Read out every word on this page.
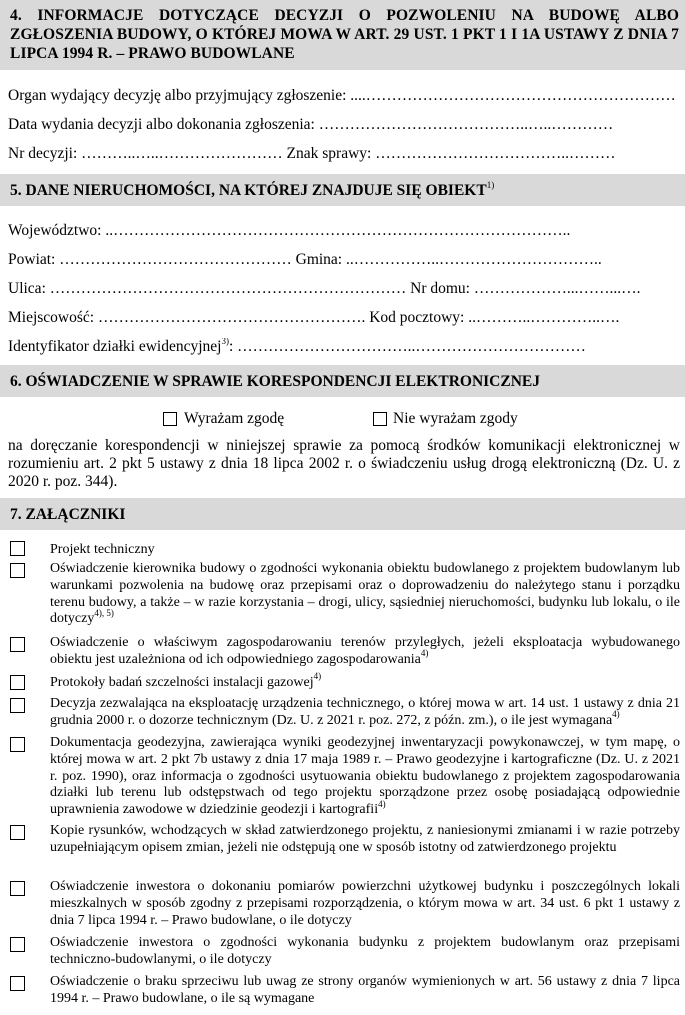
4. INFORMACJE DOTYCZĄCE DECYZJI O POZWOLENIU NA BUDOWĘ ALBO ZGŁOSZENIA BUDOWY, O KTÓREJ MOWA W ART. 29 UST. 1 PKT 1 I 1A USTAWY Z DNIA 7 LIPCA 1994 R. – PRAWO BUDOWLANE
Organ wydający decyzję albo przyjmujący zgłoszenie: ....……………………………………………………
Data wydania decyzji albo dokonania zgłoszenia: …………………………………..…..…………
Nr decyzji: ………..…..…………………… Znak sprawy: ………………………………..………
5. DANE NIERUCHOMOŚCI, NA KTÓREJ ZNAJDUJE SIĘ OBIEKT$^{1)}$
Województwo: ..……………………………………………………………………………..
Powiat: ……………………………………… Gmina: ..……………..…………………………..
Ulica: …………………………………………………………… Nr domu: ………………...……...….
Miejscowość: ……………………………………………. Kod pocztowy: ..………..…………..….
Identyfikator działki ewidencyjnej$^{3)}$: ……………………………..……………………………
6. OŚWIADCZENIE W SPRAWIE KORESPONDENCJI ELEKTRONICZNEJ
Wyrażam zgodę	Nie wyrażam zgody
na doręczanie korespondencji w niniejszej sprawie za pomocą środków komunikacji elektronicznej w rozumieniu art. 2 pkt 5 ustawy z dnia 18 lipca 2002 r. o świadczeniu usług drogą elektroniczną (Dz. U. z 2020 r. poz. 344).
7. ZAŁĄCZNIKI
Projekt techniczny
Oświadczenie kierownika budowy o zgodności wykonania obiektu budowlanego z projektem budowlanym lub warunkami pozwolenia na budowę oraz przepisami oraz o doprowadzeniu do należytego stanu i porządku terenu budowy, a także – w razie korzystania – drogi, ulicy, sąsiedniej nieruchomości, budynku lub lokalu, o ile dotyczy$^{4), 5)}$
Oświadczenie o właściwym zagospodarowaniu terenów przyległych, jeżeli eksploatacja wybudowanego obiektu jest uzależniona od ich odpowiedniego zagospodarowania$^{4)}$
Protokoły badań szczelności instalacji gazowej$^{4)}$
Decyzja zezwalająca na eksploatację urządzenia technicznego, o której mowa w art. 14 ust. 1 ustawy z dnia 21 grudnia 2000 r. o dozorze technicznym (Dz. U. z 2021 r. poz. 272, z późn. zm.), o ile jest wymagana$^{4)}$
Dokumentacja geodezyjna, zawierająca wyniki geodezyjnej inwentaryzacji powykonawczej, w tym mapę, o której mowa w art. 2 pkt 7b ustawy z dnia 17 maja 1989 r. – Prawo geodezyjne i kartograficzne (Dz. U. z 2021 r. poz. 1990), oraz informacja o zgodności usytuowania obiektu budowlanego z projektem zagospodarowania działki lub terenu lub odstępstwach od tego projektu sporządzone przez osobę posiadającą odpowiednie uprawnienia zawodowe w dziedzinie geodezji i kartografii$^{4)}$
Kopie rysunków, wchodzących w skład zatwierdzonego projektu, z naniesionymi zmianami i w razie potrzeby uzupełniającym opisem zmian, jeżeli nie odstępują one w sposób istotny od zatwierdzonego projektu
Oświadczenie inwestora o dokonaniu pomiarów powierzchni użytkowej budynku i poszczególnych lokali mieszkalnych w sposób zgodny z przepisami rozporządzenia, o którym mowa w art. 34 ust. 6 pkt 1 ustawy z dnia 7 lipca 1994 r. – Prawo budowlane, o ile dotyczy
Oświadczenie inwestora o zgodności wykonania budynku z projektem budowlanym oraz przepisami techniczno-budowlanymi, o ile dotyczy
Oświadczenie o braku sprzeciwu lub uwag ze strony organów wymienionych w art. 56 ustawy z dnia 7 lipca 1994 r. – Prawo budowlane, o ile są wymagane
